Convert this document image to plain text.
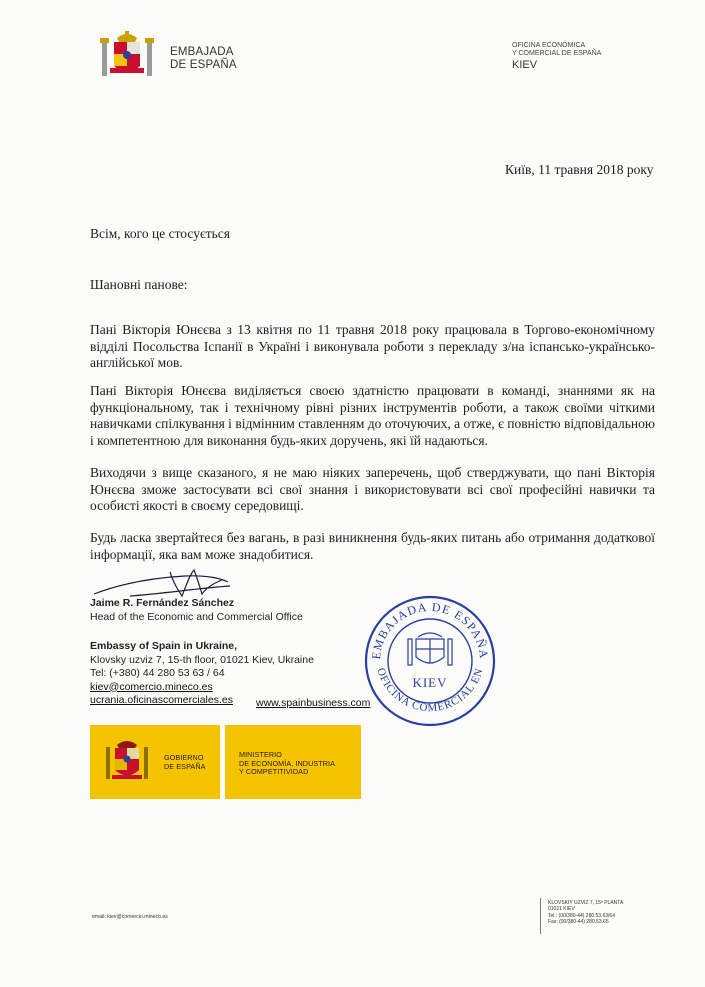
EMBAJADA
DE ESPAÑA
OFICINA ECONÓMICA
Y COMERCIAL DE ESPAÑA
KIEV
Київ, 11 травня 2018 року
Всім, кого це стосується
Шановні панове:
Пані Вікторія Юнєєва з 13 квітня по 11 травня 2018 року працювала в Торгово-економічному відділі Посольства Іспанії в Україні і виконувала роботи з перекладу з/на іспансько-українсько-англійської мов.
Пані Вікторія Юнєєва виділяється своєю здатністю працювати в команді, знаннями як на функціональному, так і технічному рівні різних інструментів роботи, а також своїми чіткими навичками спілкування і відмінним ставленням до оточуючих, а отже, є повністю відповідальною і компетентною для виконання будь-яких доручень, які їй надаються.
Виходячи з вище сказаного, я не маю ніяких заперечень, щоб стверджувати, що пані Вікторія Юнєєва зможе застосувати всі свої знання і використовувати всі свої професійні навички та особисті якості в своєму середовищі.
Будь ласка звертайтеся без вагань, в разі виникнення будь-яких питань або отримання додаткової інформації, яка вам може знадобитися.
Jaime R. Fernández Sánchez
Head of the Economic and Commercial Office
Embassy of Spain in Ukraine,
Klovsky uzviz 7, 15-th floor, 01021 Kiev, Ukraine
Tel: (+380) 44 280 53 63 / 64
kiev@comercio.mineco.es
ucrania.oficinascomerciales.es	www.spainbusiness.com
EMBAJADA DE ESPAÑA
OFICINA COMERCIAL EN
KIEV
GOBIERNO
DE ESPAÑA
MINISTERIO
DE ECONOMÍA, INDUSTRIA
Y COMPETITIVIDAD
email: kiev@comercio.mineco.es
KLOVSKIY UZVIZ 7, 15ª PLANTA
01021 KIEV
Tel.: (00/380-44) 280.53.63/64
Fax: (00/380-44) 280.53.65
